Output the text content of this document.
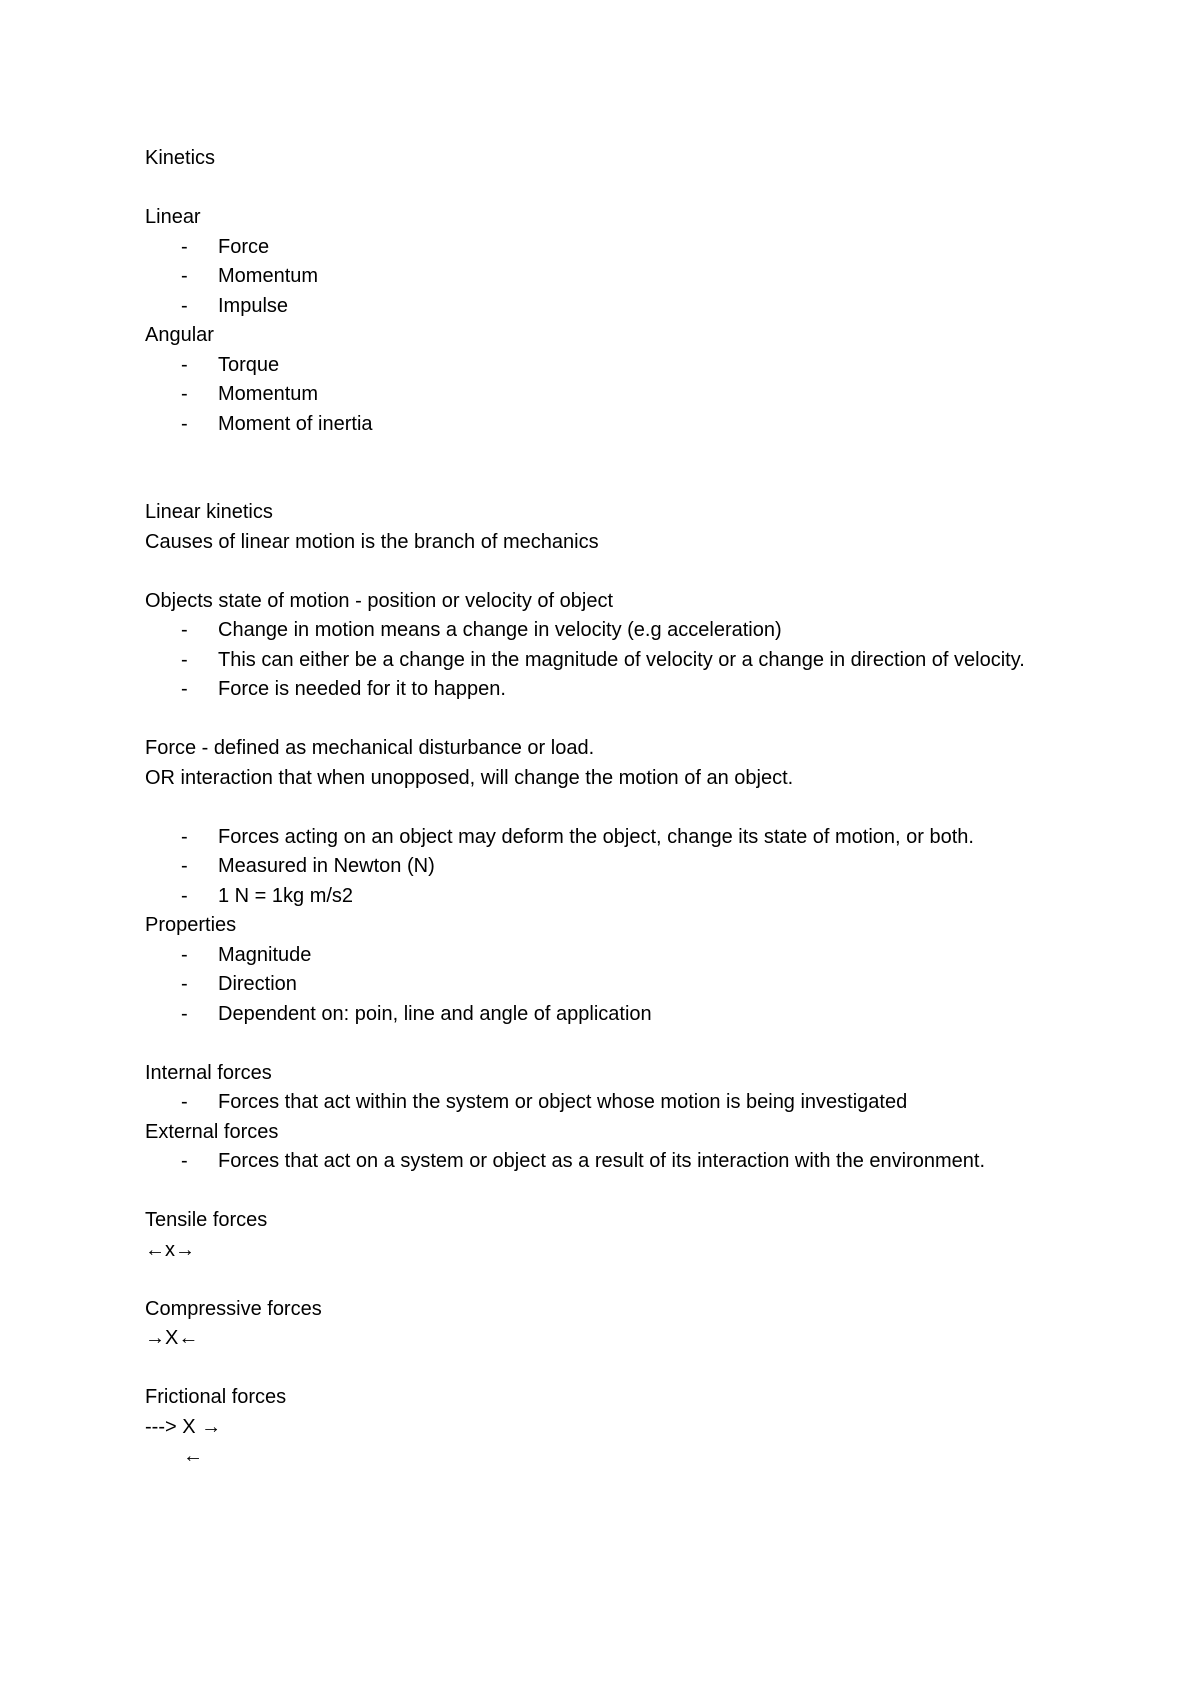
Kinetics

Linear

- Force
- Momentum
- Impulse

Angular

- Torque
- Momentum
- Moment of inertia

Linear kinetics

Causes of linear motion is the branch of mechanics

Objects state of motion - position or velocity of object

- Change in motion means a change in velocity (e.g acceleration)
- This can either be a change in the magnitude of velocity or a change in direction of velocity.
- Force is needed for it to happen.

Force - defined as mechanical disturbance or load.

OR interaction that when unopposed, will change the motion of an object.

- Forces acting on an object may deform the object, change its state of motion, or both.
- Measured in Newton (N)
- 1 N = 1kg m/s2

Properties

- Magnitude
- Direction
- Dependent on: poin, line and angle of application

Internal forces

- Forces that act within the system or object whose motion is being investigated

External forces

- Forces that act on a system or object as a result of its interaction with the environment.

Tensile forces

←x→

Compressive forces

→X←

Frictional forces

---> X →

←
